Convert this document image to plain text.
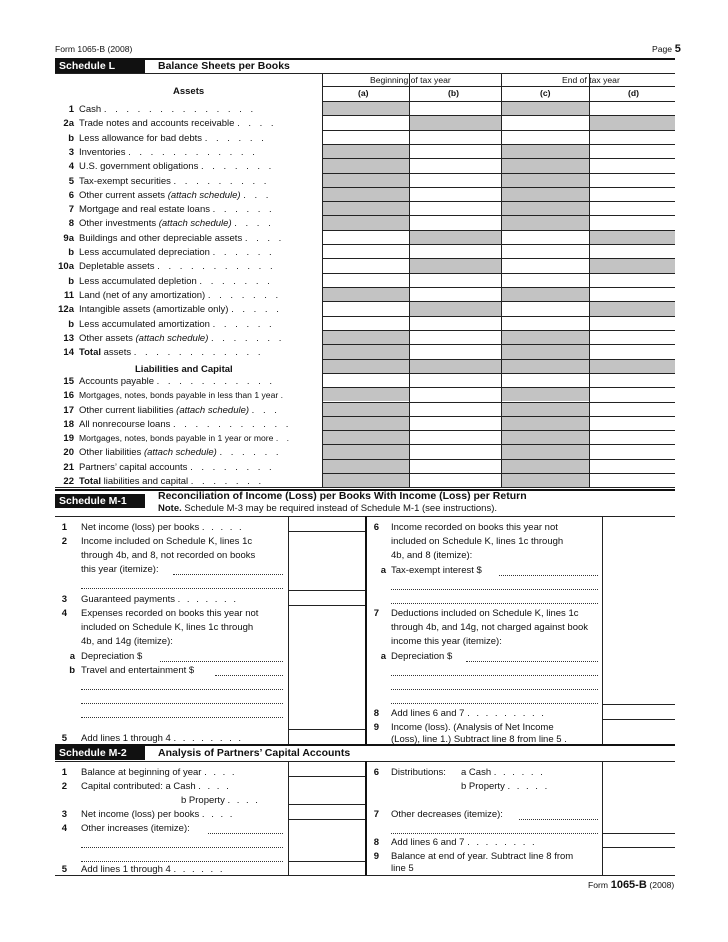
Form 1065-B (2008)	Page 5
Schedule L	Balance Sheets per Books
Assets
Beginning of tax year	End of tax year
(a)	(b)	(c)	(d)
1 Cash . . . . . . . . . . . . . .
2a Trade notes and accounts receivable . . . .
b Less allowance for bad debts . . . . . .
3 Inventories . . . . . . . . . . . .
4 U.S. government obligations . . . . . . .
5 Tax-exempt securities . . . . . . . . .
6 Other current assets (attach schedule) . . .
7 Mortgage and real estate loans . . . . . .
8 Other investments (attach schedule) . . . .
9a Buildings and other depreciable assets . . . .
b Less accumulated depreciation . . . . . .
10a Depletable assets . . . . . . . . . . .
b Less accumulated depletion . . . . . . .
11 Land (net of any amortization) . . . . . . .
12a Intangible assets (amortizable only) . . . . .
b Less accumulated amortization . . . . . .
13 Other assets (attach schedule) . . . . . . .
14 Total assets . . . . . . . . . . . .
15 Accounts payable . . . . . . . . . . .
16 Mortgages, notes, bonds payable in less than 1 year .
17 Other current liabilities (attach schedule) . . .
18 All nonrecourse loans . . . . . . . . . . .
19 Mortgages, notes, bonds payable in 1 year or more . .
20 Other liabilities (attach schedule) . . . . . .
21 Partners’ capital accounts . . . . . . . .
22 Total liabilities and capital . . . . . . .
Liabilities and Capital
Schedule M-1	Reconciliation of Income (Loss) per Books With Income (Loss) per Return
Note. Schedule M-3 may be required instead of Schedule M-1 (see instructions).
1 Net income (loss) per books . . . . .
2 Income included on Schedule K, lines 1c
through 4b, and 8, not recorded on books
this year (itemize):
3 Guaranteed payments . . . . . . .
4 Expenses recorded on books this year not
included on Schedule K, lines 1c through
4b, and 14g (itemize):
a Depreciation $
b Travel and entertainment $
5 Add lines 1 through 4 . . . . . . . .
6 Income recorded on books this year not
included on Schedule K, lines 1c through
4b, and 8 (itemize):
a Tax-exempt interest $
7 Deductions included on Schedule K, lines 1c
through 4b, and 14g, not charged against book
income this year (itemize):
a Depreciation $
8 Add lines 6 and 7 . . . . . . . . .
9 Income (loss). (Analysis of Net Income
(Loss), line 1.) Subtract line 8 from line 5 .
Schedule M-2	Analysis of Partners’ Capital Accounts
1 Balance at beginning of year . . . .
2 Capital contributed: a Cash . . . .
b Property . . . .
3 Net income (loss) per books . . . .
4 Other increases (itemize):
5 Add lines 1 through 4 . . . . . .
6 Distributions: a Cash . . . . . .
b Property . . . . .
7 Other decreases (itemize):
8 Add lines 6 and 7 . . . . . . . .
9 Balance at end of year. Subtract line 8 from
line 5
Form 1065-B (2008)
